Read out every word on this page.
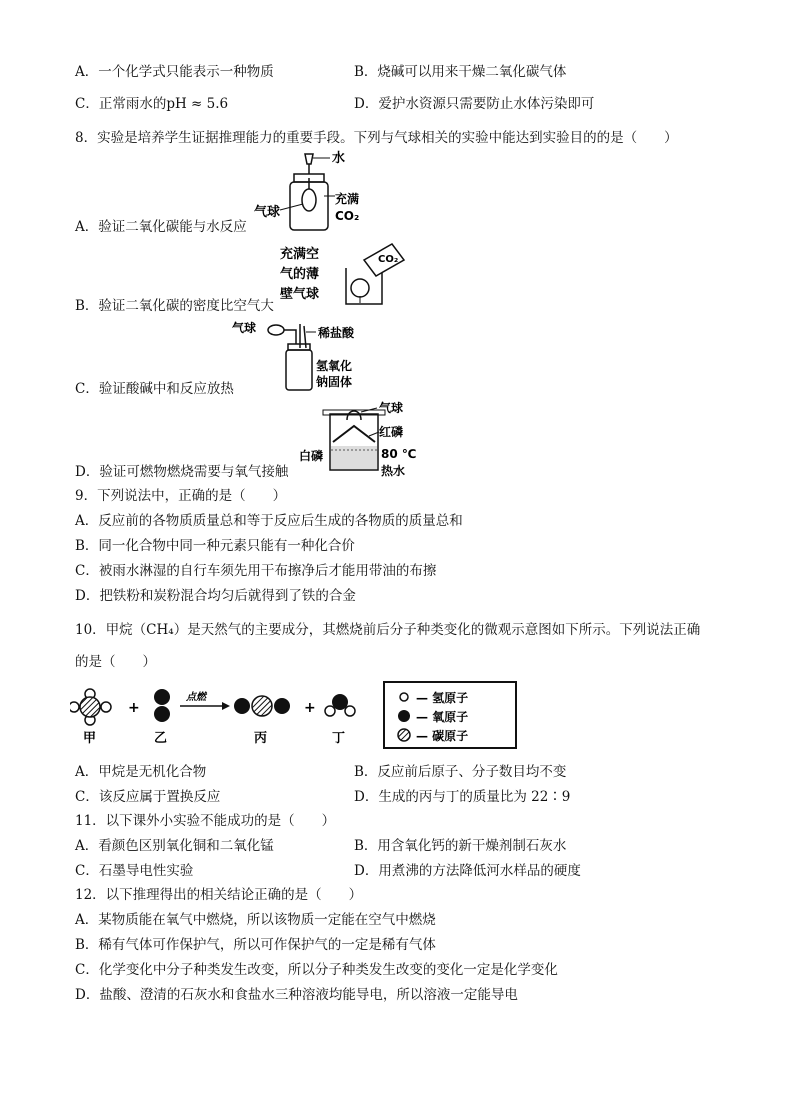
A．一个化学式只能表示一种物质	B．烧碱可以用来干燥二氧化碳气体
C．正常雨水的pH ≈ 5.6	D．爱护水资源只需要防止水体污染即可
8．实验是培养学生证据推理能力的重要手段。下列与气球相关的实验中能达到实验目的的是（　　）
水
气球
充满
CO₂
A．验证二氧化碳能与水反应
充满空
气的薄
壁气球
CO₂
B．验证二氧化碳的密度比空气大
气球	稀盐酸
氢氧化
钠固体
C．验证酸碱中和反应放热
气球
红磷
白磷	80 ℃
热水
D．验证可燃物燃烧需要与氧气接触
9．下列说法中，正确的是（　　）
A．反应前的各物质质量总和等于反应后生成的各物质的质量总和
B．同一化合物中同一种元素只能有一种化合价
C．被雨水淋湿的自行车须先用干布擦净后才能用带油的布擦
D．把铁粉和炭粉混合均匀后就得到了铁的合金
10．甲烷（CH₄）是天然气的主要成分，其燃烧前后分子种类变化的微观示意图如下所示。下列说法正确
的是（　　）
甲
+
乙
点燃
丙
+
丁
— 氢原子
— 氧原子
— 碳原子
A．甲烷是无机化合物	B．反应前后原子、分子数目均不变
C．该反应属于置换反应	D．生成的丙与丁的质量比为 22∶9
11．以下课外小实验不能成功的是（　　）
A．看颜色区别氧化铜和二氧化锰	B．用含氧化钙的新干燥剂制石灰水
C．石墨导电性实验	D．用煮沸的方法降低河水样品的硬度
12．以下推理得出的相关结论正确的是（　　）
A．某物质能在氧气中燃烧，所以该物质一定能在空气中燃烧
B．稀有气体可作保护气，所以可作保护气的一定是稀有气体
C．化学变化中分子种类发生改变，所以分子种类发生改变的变化一定是化学变化
D．盐酸、澄清的石灰水和食盐水三种溶液均能导电，所以溶液一定能导电
